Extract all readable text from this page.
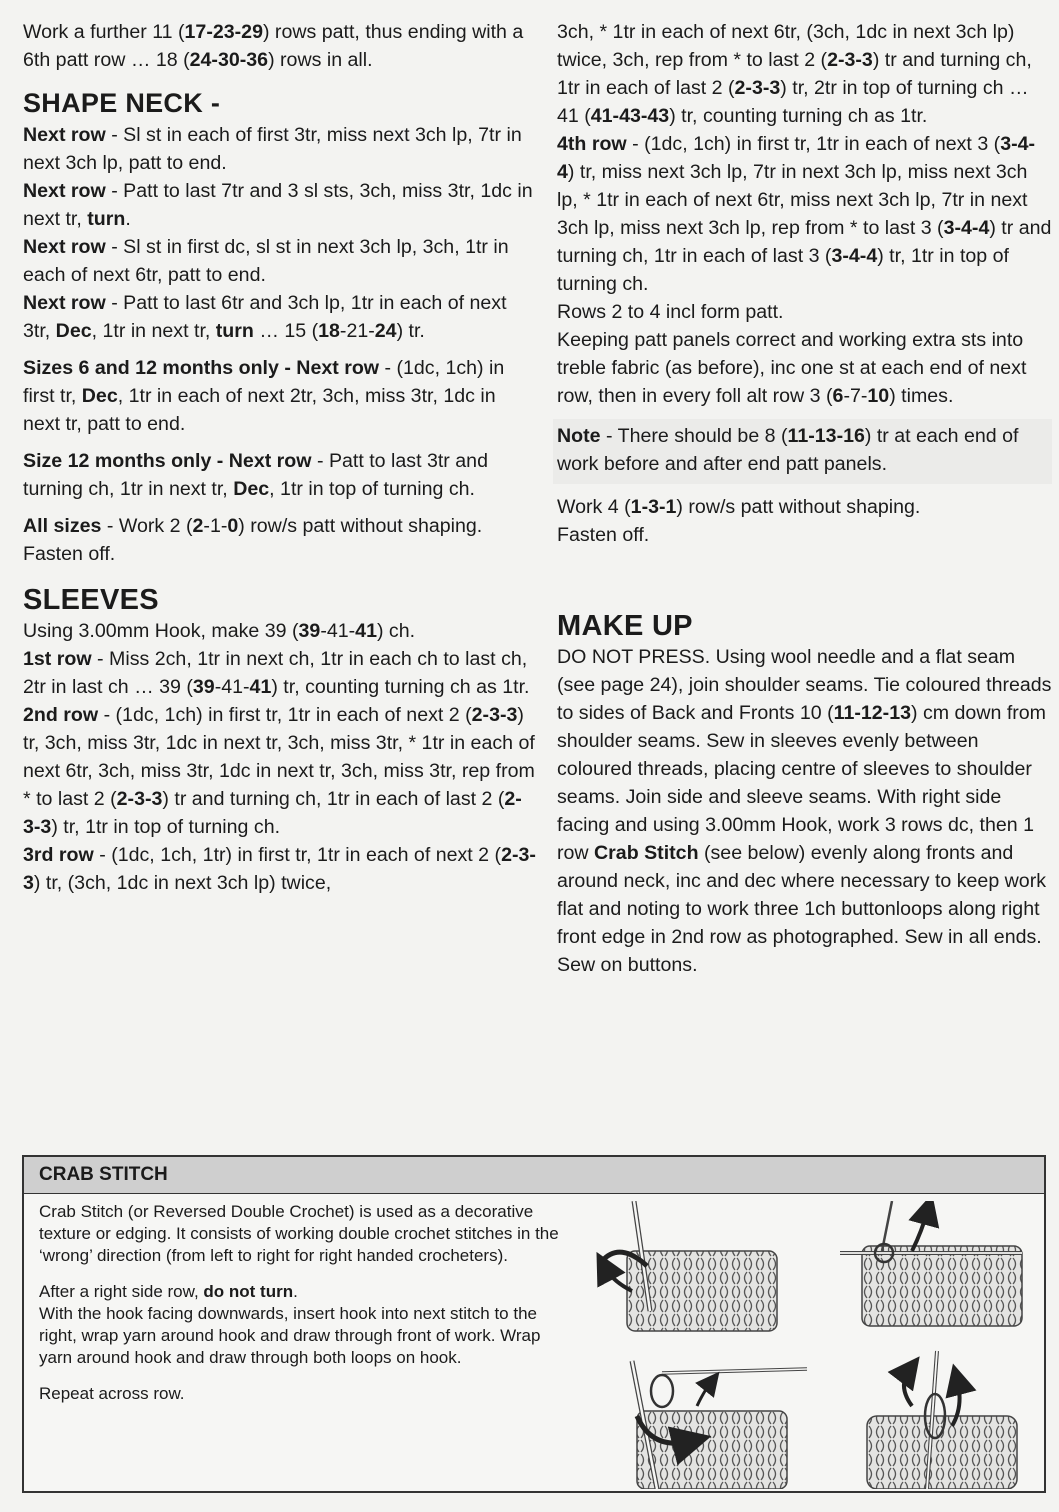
Work a further 11 (17-23-29) rows patt, thus ending with a 6th patt row … 18 (24-30-36) rows in all.

SHAPE NECK -

Next row - Sl st in each of first 3tr, miss next 3ch lp, 7tr in next 3ch lp, patt to end.

Next row - Patt to last 7tr and 3 sl sts, 3ch, miss 3tr, 1dc in next tr, turn.

Next row - Sl st in first dc, sl st in next 3ch lp, 3ch, 1tr in each of next 6tr, patt to end.

Next row - Patt to last 6tr and 3ch lp, 1tr in each of next 3tr, Dec, 1tr in next tr, turn … 15 (18-21-24) tr.

Sizes 6 and 12 months only - Next row - (1dc, 1ch) in first tr, Dec, 1tr in each of next 2tr, 3ch, miss 3tr, 1dc in next tr, patt to end.

Size 12 months only - Next row - Patt to last 3tr and turning ch, 1tr in next tr, Dec, 1tr in top of turning ch.

All sizes - Work 2 (2-1-0) row/s patt without shaping.

Fasten off.

SLEEVES

Using 3.00mm Hook, make 39 (39-41-41) ch.

1st row - Miss 2ch, 1tr in next ch, 1tr in each ch to last ch, 2tr in last ch … 39 (39-41-41) tr, counting turning ch as 1tr.

2nd row - (1dc, 1ch) in first tr, 1tr in each of next 2 (2-3-3) tr, 3ch, miss 3tr, 1dc in next tr, 3ch, miss 3tr, * 1tr in each of next 6tr, 3ch, miss 3tr, 1dc in next tr, 3ch, miss 3tr, rep from * to last 2 (2-3-3) tr and turning ch, 1tr in each of last 2 (2-3-3) tr, 1tr in top of turning ch.

3rd row - (1dc, 1ch, 1tr) in first tr, 1tr in each of next 2 (2-3-3) tr, (3ch, 1dc in next 3ch lp) twice,

3ch, * 1tr in each of next 6tr, (3ch, 1dc in next 3ch lp) twice, 3ch, rep from * to last 2 (2-3-3) tr and turning ch, 1tr in each of last 2 (2-3-3) tr, 2tr in top of turning ch … 41 (41-43-43) tr, counting turning ch as 1tr.

4th row - (1dc, 1ch) in first tr, 1tr in each of next 3 (3-4-4) tr, miss next 3ch lp, 7tr in next 3ch lp, miss next 3ch lp, * 1tr in each of next 6tr, miss next 3ch lp, 7tr in next 3ch lp, miss next 3ch lp, rep from * to last 3 (3-4-4) tr and turning ch, 1tr in each of last 3 (3-4-4) tr, 1tr in top of turning ch.

Rows 2 to 4 incl form patt.

Keeping patt panels correct and working extra sts into treble fabric (as before), inc one st at each end of next row, then in every foll alt row 3 (6-7-10) times.

Note - There should be 8 (11-13-16) tr at each end of work before and after end patt panels.

Work 4 (1-3-1) row/s patt without shaping.

Fasten off.

MAKE UP

DO NOT PRESS. Using wool needle and a flat seam (see page 24), join shoulder seams. Tie coloured threads to sides of Back and Fronts 10 (11-12-13) cm down from shoulder seams. Sew in sleeves evenly between coloured threads, placing centre of sleeves to shoulder seams. Join side and sleeve seams. With right side facing and using 3.00mm Hook, work 3 rows dc, then 1 row Crab Stitch (see below) evenly along fronts and around neck, inc and dec where necessary to keep work flat and noting to work three 1ch buttonloops along right front edge in 2nd row as photographed. Sew in all ends. Sew on buttons.

CRAB STITCH

Crab Stitch (or Reversed Double Crochet) is used as a decorative texture or edging. It consists of working double crochet stitches in the ‘wrong’ direction (from left to right for right handed crocheters).

After a right side row, do not turn.

With the hook facing downwards, insert hook into next stitch to the right, wrap yarn around hook and draw through front of work. Wrap yarn around hook and draw through both loops on hook.

Repeat across row.
